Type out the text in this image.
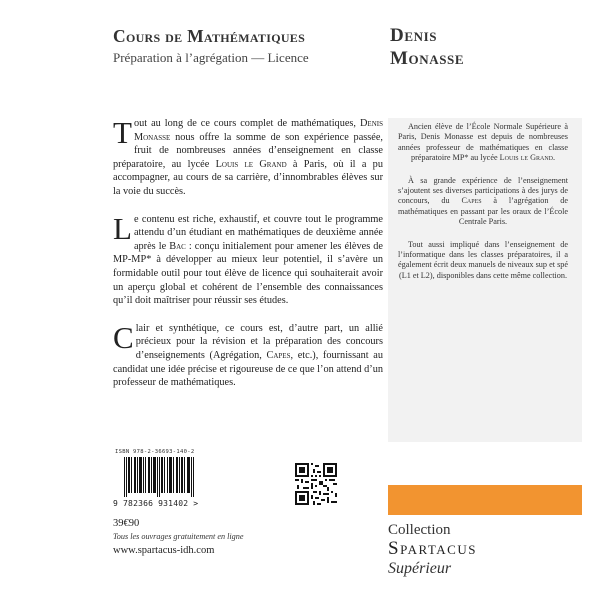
Cours de Mathématiques
Préparation à l’agrégation — Licence
Denis
Monasse

Tout au long de ce cours complet de mathématiques, Denis Monasse nous offre la somme de son expérience passée, fruit de nombreuses années d’enseignement en classe préparatoire, au lycée Louis le Grand à Paris, où il a pu accompagner, au cours de sa carrière, d’innombrables élèves sur la voie du succès.

Le contenu est riche, exhaustif, et couvre tout le programme attendu d’un étudiant en mathématiques de deuxième année après le Bac : conçu initialement pour amener les élèves de MP-MP* à développer au mieux leur potentiel, il s’avère un formidable outil pour tout élève de licence qui souhaiterait avoir un aperçu global et cohérent de l’ensemble des connaissances qu’il doit maîtriser pour réussir ses études.

Clair et synthétique, ce cours est, d’autre part, un allié précieux pour la révision et la préparation des concours d’enseignements (Agrégation, Capes, etc.), fournissant au candidat une idée précise et rigoureuse de ce que l’on attend d’un professeur de mathématiques.

Ancien élève de l’École Normale Supérieure à Paris, Denis Monasse est depuis de nombreuses années professeur de mathématiques en classe préparatoire MP* au lycée Louis le Grand.

À sa grande expérience de l’enseignement s’ajoutent ses diverses participations à des jurys de concours, du Capes à l’agrégation de mathématiques en passant par les oraux de l’École Centrale Paris.

Tout aussi impliqué dans l’enseignement de l’informatique dans les classes préparatoires, il a également écrit deux manuels de niveaux sup et spé (L1 et L2), disponibles dans cette même collection.

ISBN 978-2-36693-140-2
9 782366 931402 >
39€90
Tous les ouvrages gratuitement en ligne
www.spartacus-idh.com
Collection
Spartacus
Supérieur
